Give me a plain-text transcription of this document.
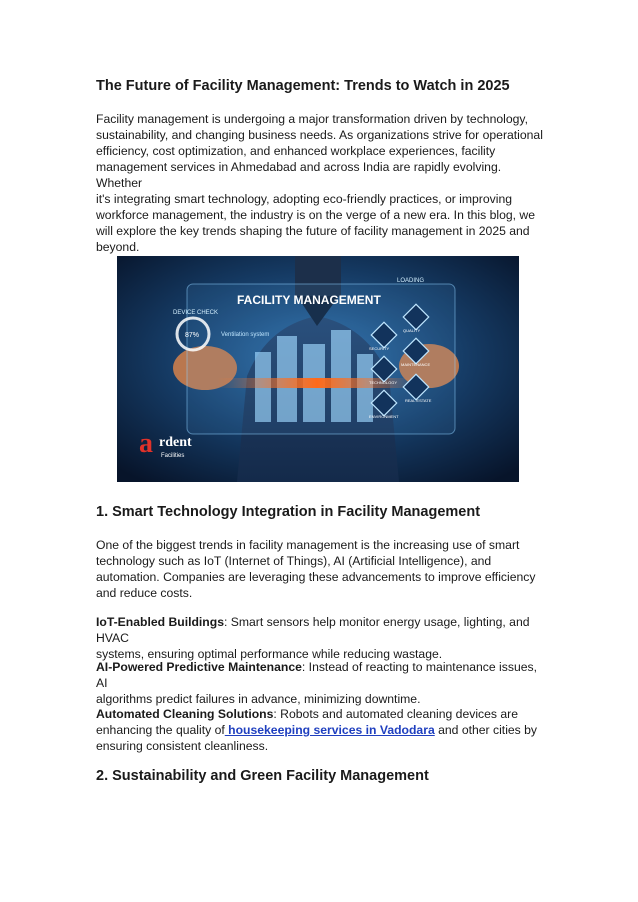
The Future of Facility Management: Trends to Watch in 2025

Facility management is undergoing a major transformation driven by technology,
sustainability, and changing business needs. As organizations strive for operational
efficiency, cost optimization, and enhanced workplace experiences, facility
management services in Ahmedabad and across India are rapidly evolving. Whether
it's integrating smart technology, adopting eco-friendly practices, or improving
workforce management, the industry is on the verge of a new era. In this blog, we
will explore the key trends shaping the future of facility management in 2025 and
beyond.

FACILITY MANAGEMENT
DEVICE CHECK
87%
LOADING
Ventilation system
QUALITY
SECURITY
MAINTENANCE
REAL ESTATE
TECHNOLOGY
ENVIRONMENT
a rdent
Facilities
1. Smart Technology Integration in Facility Management

One of the biggest trends in facility management is the increasing use of smart
technology such as IoT (Internet of Things), AI (Artificial Intelligence), and
automation. Companies are leveraging these advancements to improve efficiency
and reduce costs.

IoT-Enabled Buildings: Smart sensors help monitor energy usage, lighting, and HVAC
systems, ensuring optimal performance while reducing wastage.

AI-Powered Predictive Maintenance: Instead of reacting to maintenance issues, AI
algorithms predict failures in advance, minimizing downtime.

Automated Cleaning Solutions: Robots and automated cleaning devices are
enhancing the quality of housekeeping services in Vadodara and other cities by
ensuring consistent cleanliness.

2. Sustainability and Green Facility Management
